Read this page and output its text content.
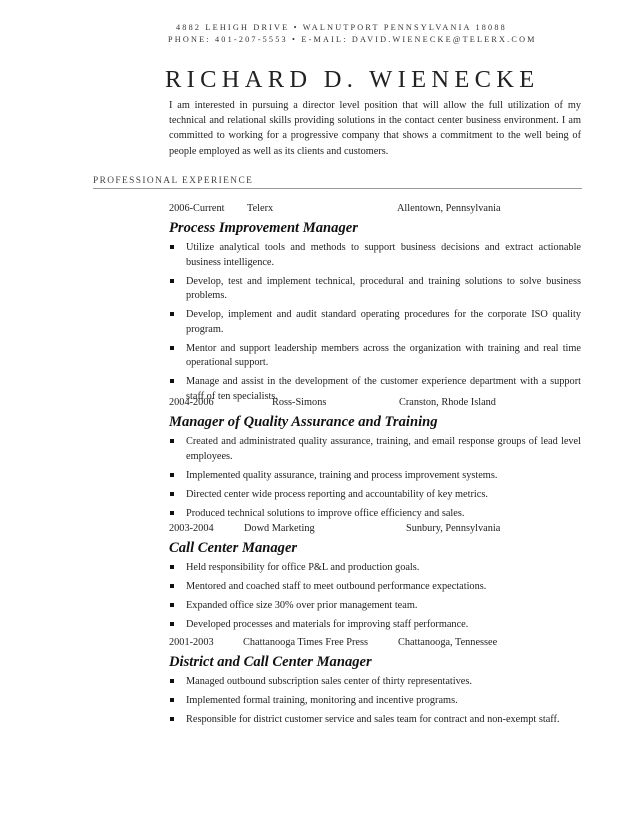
4882 LEHIGH DRIVE • WALNUTPORT PENNSYLVANIA 18088
PHONE: 401-207-5553 • E-MAIL: DAVID.WIENECKE@TELERX.COM
RICHARD D. WIENECKE
I am interested in pursuing a director level position that will allow the full utilization of my technical and relational skills providing solutions in the contact center business environment. I am committed to working for a progressive company that shows a commitment to the well being of people employed as well as its clients and customers.
PROFESSIONAL EXPERIENCE
2006-Current Telerx	Allentown, Pennsylvania
Process Improvement Manager
Utilize analytical tools and methods to support business decisions and extract actionable business intelligence.
Develop, test and implement technical, procedural and training solutions to solve business problems.
Develop, implement and audit standard operating procedures for the corporate ISO quality program.
Mentor and support leadership members across the organization with training and real time operational support.
Manage and assist in the development of the customer experience department with a support staff of ten specialists.
2004-2006	Ross-Simons	Cranston, Rhode Island
Manager of Quality Assurance and Training
Created and administrated quality assurance, training, and email response groups of lead level employees.
Implemented quality assurance, training and process improvement systems.
Directed center wide process reporting and accountability of key metrics.
Produced technical solutions to improve office efficiency and sales.
2003-2004	Dowd Marketing	Sunbury, Pennsylvania
Call Center Manager
Held responsibility for office P&L and production goals.
Mentored and coached staff to meet outbound performance expectations.
Expanded office size 30% over prior management team.
Developed processes and materials for improving staff performance.
2001-2003	Chattanooga Times Free Press	Chattanooga, Tennessee
District and Call Center Manager
Managed outbound subscription sales center of thirty representatives.
Implemented formal training, monitoring and incentive programs.
Responsible for district customer service and sales team for contract and non-exempt staff.
